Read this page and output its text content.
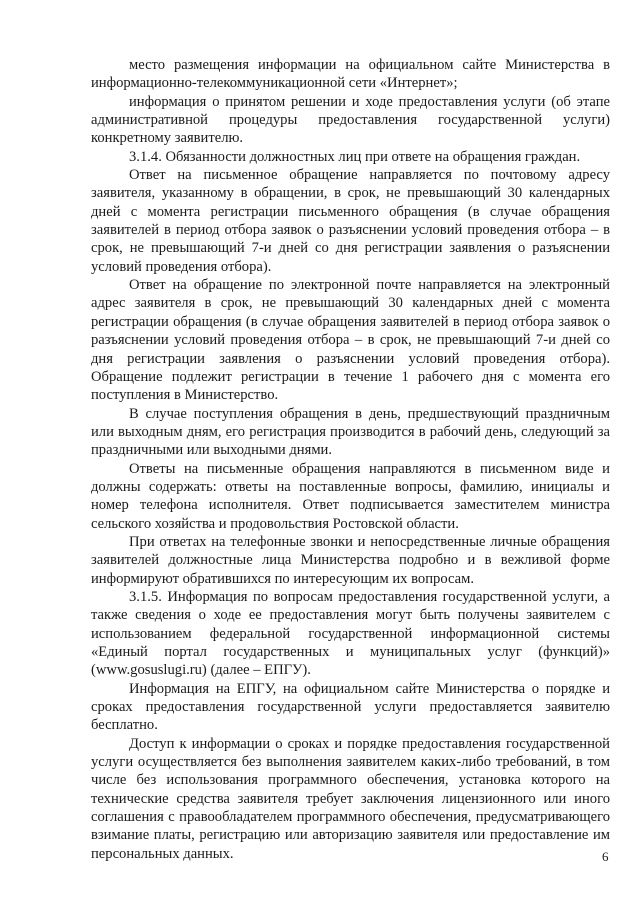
место размещения информации на официальном сайте Министерства в информационно-телекоммуникационной сети «Интернет»;

информация о принятом решении и ходе предоставления услуги (об этапе административной процедуры предоставления государственной услуги) конкретному заявителю.

3.1.4. Обязанности должностных лиц при ответе на обращения граждан.

Ответ на письменное обращение направляется по почтовому адресу заявителя, указанному в обращении, в срок, не превышающий 30 календарных дней с момента регистрации письменного обращения (в случае обращения заявителей в период отбора заявок о разъяснении условий проведения отбора – в срок, не превышающий 7-и дней со дня регистрации заявления о разъяснении условий проведения отбора).

Ответ на обращение по электронной почте направляется на электронный адрес заявителя в срок, не превышающий 30 календарных дней с момента регистрации обращения (в случае обращения заявителей в период отбора заявок о разъяснении условий проведения отбора – в срок, не превышающий 7-и дней со дня регистрации заявления о разъяснении условий проведения отбора). Обращение подлежит регистрации в течение 1 рабочего дня с момента его поступления в Министерство.

В случае поступления обращения в день, предшествующий праздничным или выходным дням, его регистрация производится в рабочий день, следующий за праздничными или выходными днями.

Ответы на письменные обращения направляются в письменном виде и должны содержать: ответы на поставленные вопросы, фамилию, инициалы и номер телефона исполнителя. Ответ подписывается заместителем министра сельского хозяйства и продовольствия Ростовской области.

При ответах на телефонные звонки и непосредственные личные обращения заявителей должностные лица Министерства подробно и в вежливой форме информируют обратившихся по интересующим их вопросам.

3.1.5. Информация по вопросам предоставления государственной услуги, а также сведения о ходе ее предоставления могут быть получены заявителем с использованием федеральной государственной информационной системы «Единый портал государственных и муниципальных услуг (функций)» (www.gosuslugi.ru) (далее – ЕПГУ).

Информация на ЕПГУ, на официальном сайте Министерства о порядке и сроках предоставления государственной услуги предоставляется заявителю бесплатно.

Доступ к информации о сроках и порядке предоставления государственной услуги осуществляется без выполнения заявителем каких-либо требований, в том числе без использования программного обеспечения, установка которого на технические средства заявителя требует заключения лицензионного или иного соглашения с правообладателем программного обеспечения, предусматривающего взимание платы, регистрацию или авторизацию заявителя или предоставление им персональных данных.	6
